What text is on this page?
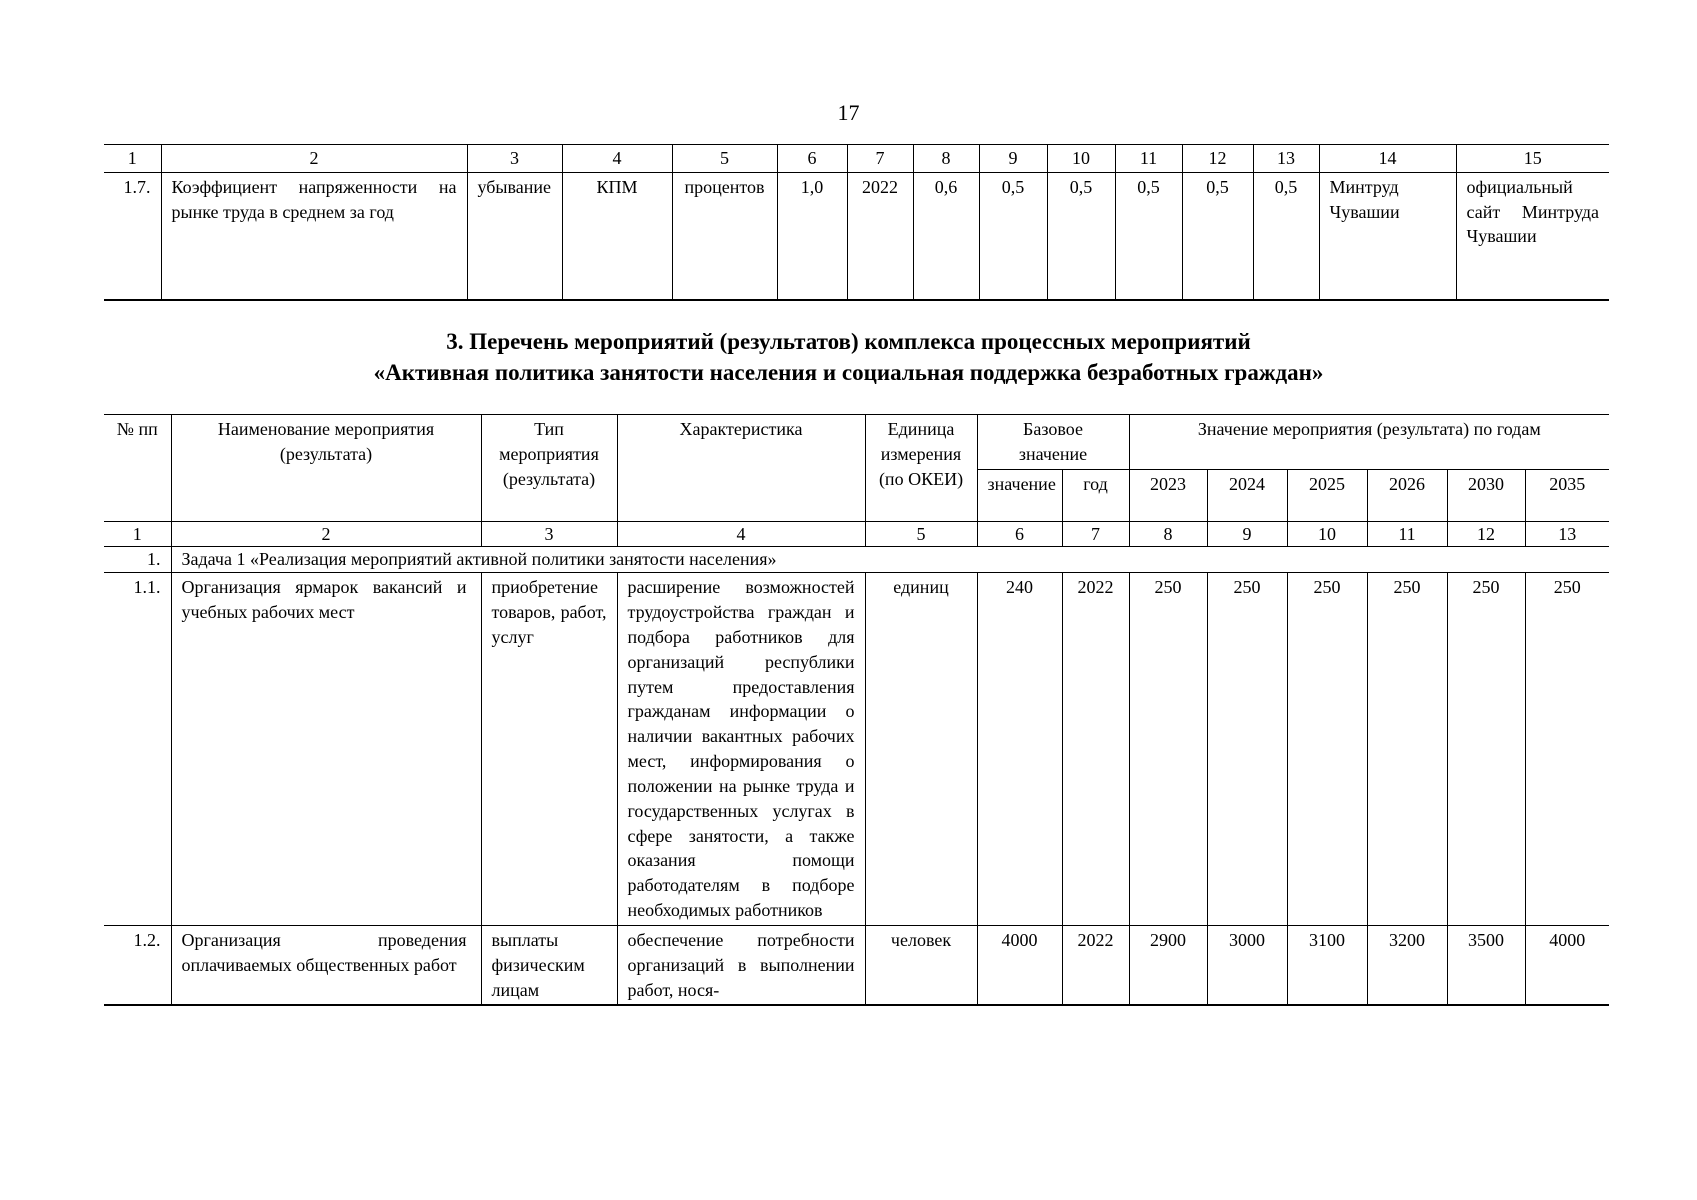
17
1	2	3	4	5	6	7	8	9	10	11	12	13	14	15
1.7.	Коэффициент напряженности на рынке труда в среднем за год	убывание	КПМ	процентов	1,0	2022	0,6	0,5	0,5	0,5	0,5	0,5	Минтруд Чувашии	официальный сайт Минтруда Чувашии
3. Перечень мероприятий (результатов) комплекса процессных мероприятий
«Активная политика занятости населения и социальная поддержка безработных граждан»
№ пп	Наименование мероприятия (результата)	Тип мероприятия (результата)	Характеристика	Единица измерения (по ОКЕИ)	Базовое значение		Значение мероприятия (результата) по годам					
					значение	год	2023	2024	2025	2026	2030	2035
1	2	3	4	5	6	7	8	9	10	11	12	13
1.	Задача 1 «Реализация мероприятий активной политики занятости населения»											
1.1.	Организация ярмарок вакансий и учебных рабочих мест	приобретение товаров, работ, услуг	расширение возможностей трудоустройства граждан и подбора работников для организаций республики путем предоставления гражданам информации о наличии вакантных рабочих мест, информирования о положении на рынке труда и государственных услугах в сфере занятости, а также оказания помощи работодателям в подборе необходимых работников	единиц	240	2022	250	250	250	250	250	250
1.2.	Организация проведения оплачиваемых общественных работ	выплаты физическим лицам	обеспечение потребности организаций в выполнении работ, нося-	человек	4000	2022	2900	3000	3100	3200	3500	4000
